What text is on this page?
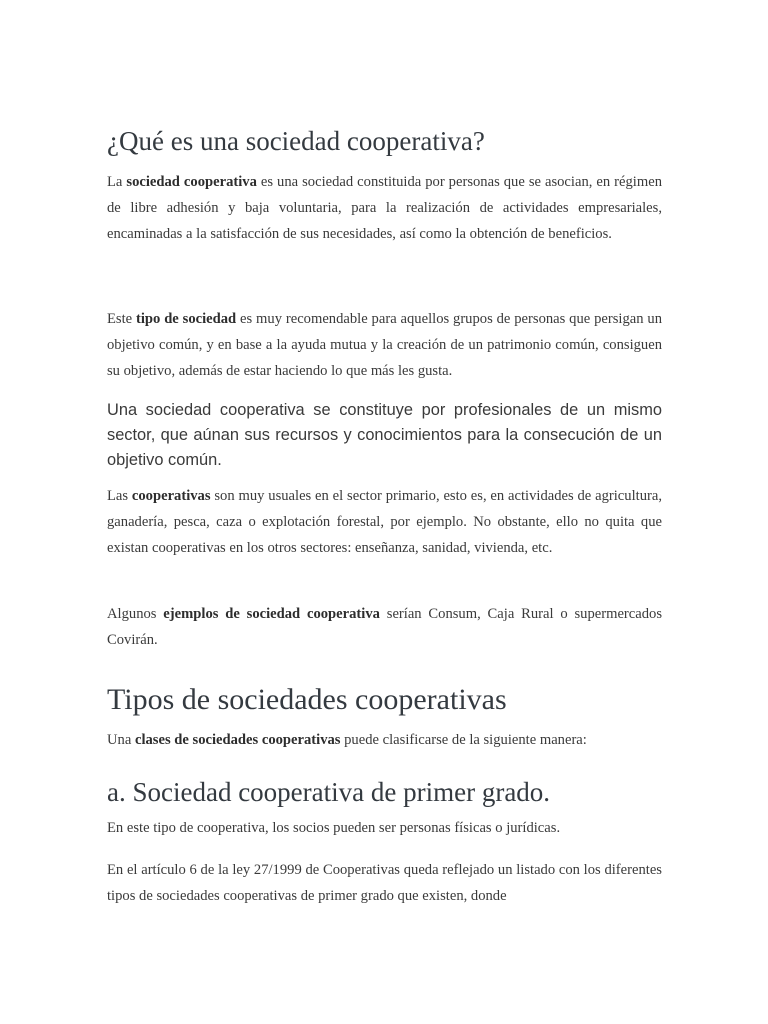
¿Qué es una sociedad cooperativa?

La sociedad cooperativa es una sociedad constituida por personas que se asocian, en régimen de libre adhesión y baja voluntaria, para la realización de actividades empresariales, encaminadas a la satisfacción de sus necesidades, así como la obtención de beneficios.

Este tipo de sociedad es muy recomendable para aquellos grupos de personas que persigan un objetivo común, y en base a la ayuda mutua y la creación de un patrimonio común, consiguen su objetivo, además de estar haciendo lo que más les gusta.

Una sociedad cooperativa se constituye por profesionales de un mismo sector, que aúnan sus recursos y conocimientos para la consecución de un objetivo común.

Las cooperativas son muy usuales en el sector primario, esto es, en actividades de agricultura, ganadería, pesca, caza o explotación forestal, por ejemplo. No obstante, ello no quita que existan cooperativas en los otros sectores: enseñanza, sanidad, vivienda, etc.

Algunos ejemplos de sociedad cooperativa serían Consum, Caja Rural o supermercados Covirán.

Tipos de sociedades cooperativas

Una clases de sociedades cooperativas puede clasificarse de la siguiente manera:

a. Sociedad cooperativa de primer grado.

En este tipo de cooperativa, los socios pueden ser personas físicas o jurídicas.

En el artículo 6 de la ley 27/1999 de Cooperativas queda reflejado un listado con los diferentes tipos de sociedades cooperativas de primer grado que existen, donde
